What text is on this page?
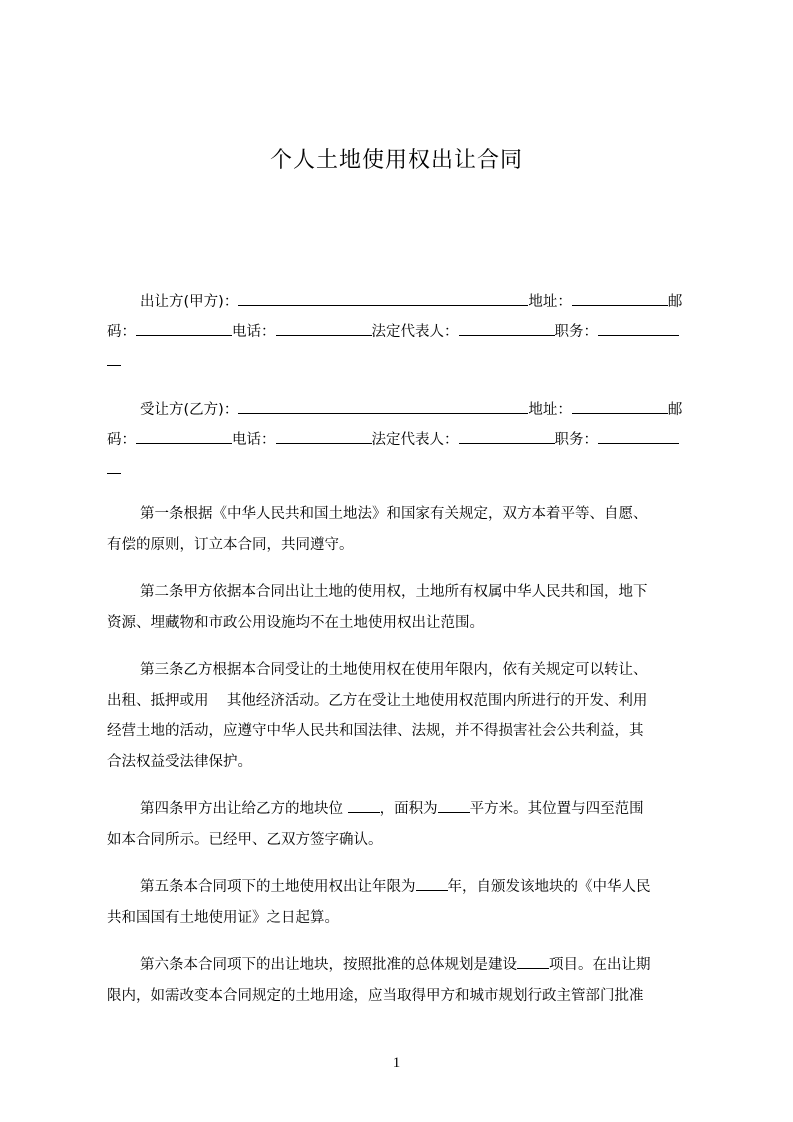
个人土地使用权出让合同
出让方(甲方)：	地址：	邮
码：	电话：	法定代表人：	职务：
受让方(乙方)：	地址：	邮
码：	电话：	法定代表人：	职务：
第一条根据《中华人民共和国土地法》和国家有关规定，双方本着平等、自愿、
有偿的原则，订立本合同，共同遵守。
第二条甲方依据本合同出让土地的使用权，土地所有权属中华人民共和国，地下
资源、埋藏物和市政公用设施均不在土地使用权出让范围。
第三条乙方根据本合同受让的土地使用权在使用年限内，依有关规定可以转让、
出租、抵押或用    其他经济活动。乙方在受让土地使用权范围内所进行的开发、利用
经营土地的活动，应遵守中华人民共和国法律、法规，并不得损害社会公共利益，其
合法权益受法律保护。
第四条甲方出让给乙方的地块位	，面积为 平方米。其位置与四至范围
如本合同所示。已经甲、乙双方签字确认。
第五条本合同项下的土地使用权出让年限为 年，自颁发该地块的《中华人民
共和国国有土地使用证》之日起算。
第六条本合同项下的出让地块，按照批准的总体规划是建设 项目。在出让期
限内，如需改变本合同规定的土地用途，应当取得甲方和城市规划行政主管部门批准
1
